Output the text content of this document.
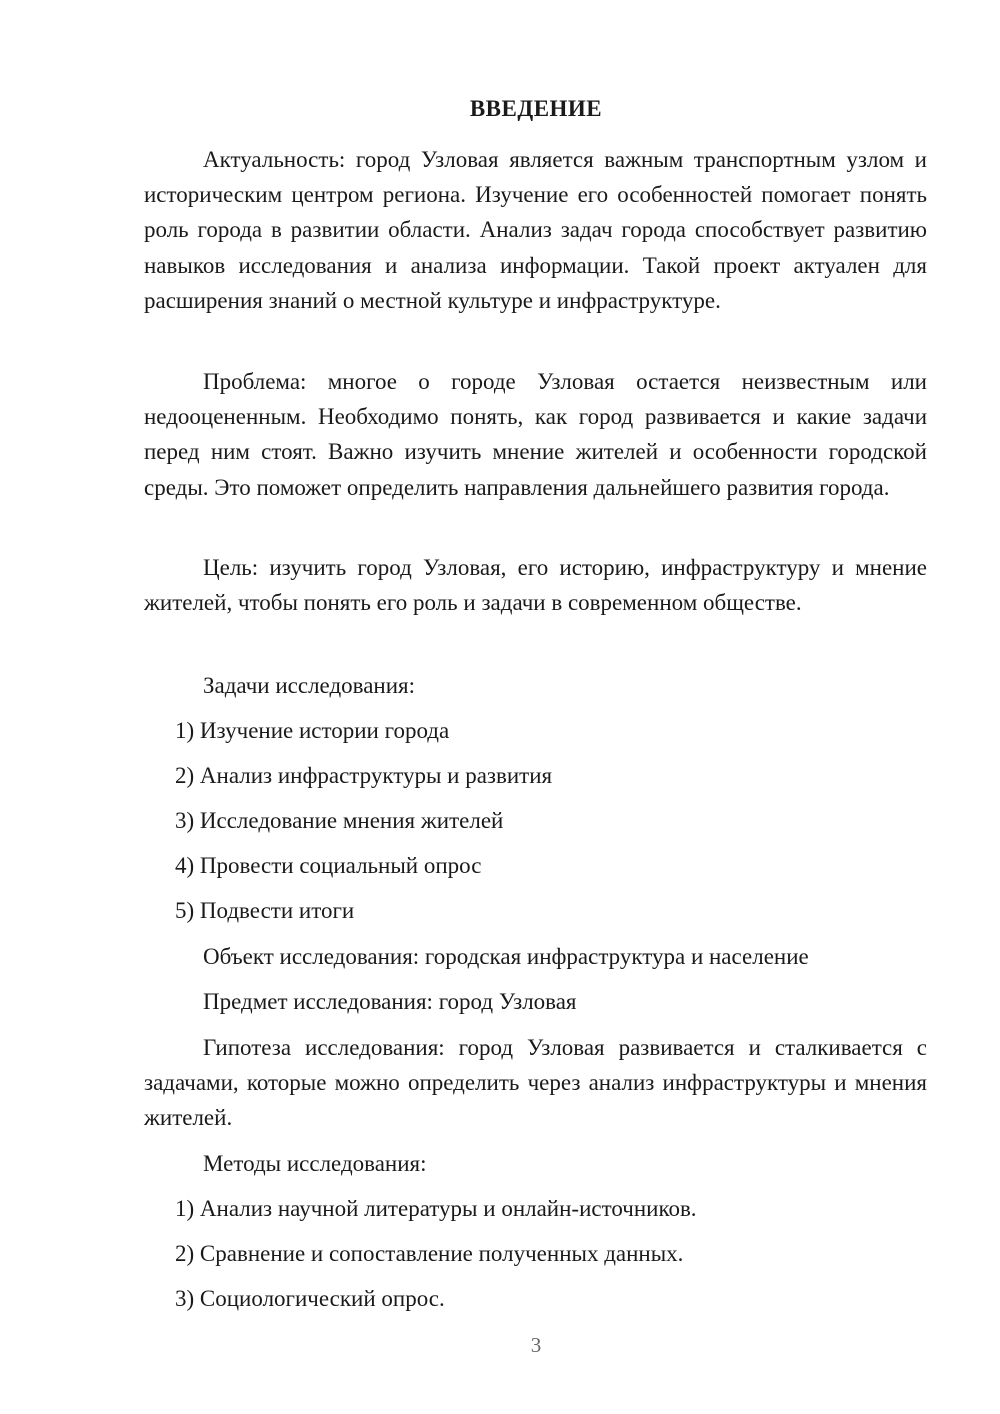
ВВЕДЕНИЕ
Актуальность: город Узловая является важным транспортным узлом и историческим центром региона. Изучение его особенностей помогает понять роль города в развитии области. Анализ задач города способствует развитию навыков исследования и анализа информации. Такой проект актуален для расширения знаний о местной культуре и инфраструктуре.
Проблема: многое о городе Узловая остается неизвестным или недооцененным. Необходимо понять, как город развивается и какие задачи перед ним стоят. Важно изучить мнение жителей и особенности городской среды. Это поможет определить направления дальнейшего развития города.
Цель: изучить город Узловая, его историю, инфраструктуру и мнение жителей, чтобы понять его роль и задачи в современном обществе.
Задачи исследования:
1) Изучение истории города
2) Анализ инфраструктуры и развития
3) Исследование мнения жителей
4) Провести социальный опрос
5) Подвести итоги
Объект исследования: городская инфраструктура и население
Предмет исследования: город Узловая
Гипотеза исследования: город Узловая развивается и сталкивается с задачами, которые можно определить через анализ инфраструктуры и мнения жителей.
Методы исследования:
1) Анализ научной литературы и онлайн-источников.
2) Сравнение и сопоставление полученных данных.
3) Социологический опрос.
3
